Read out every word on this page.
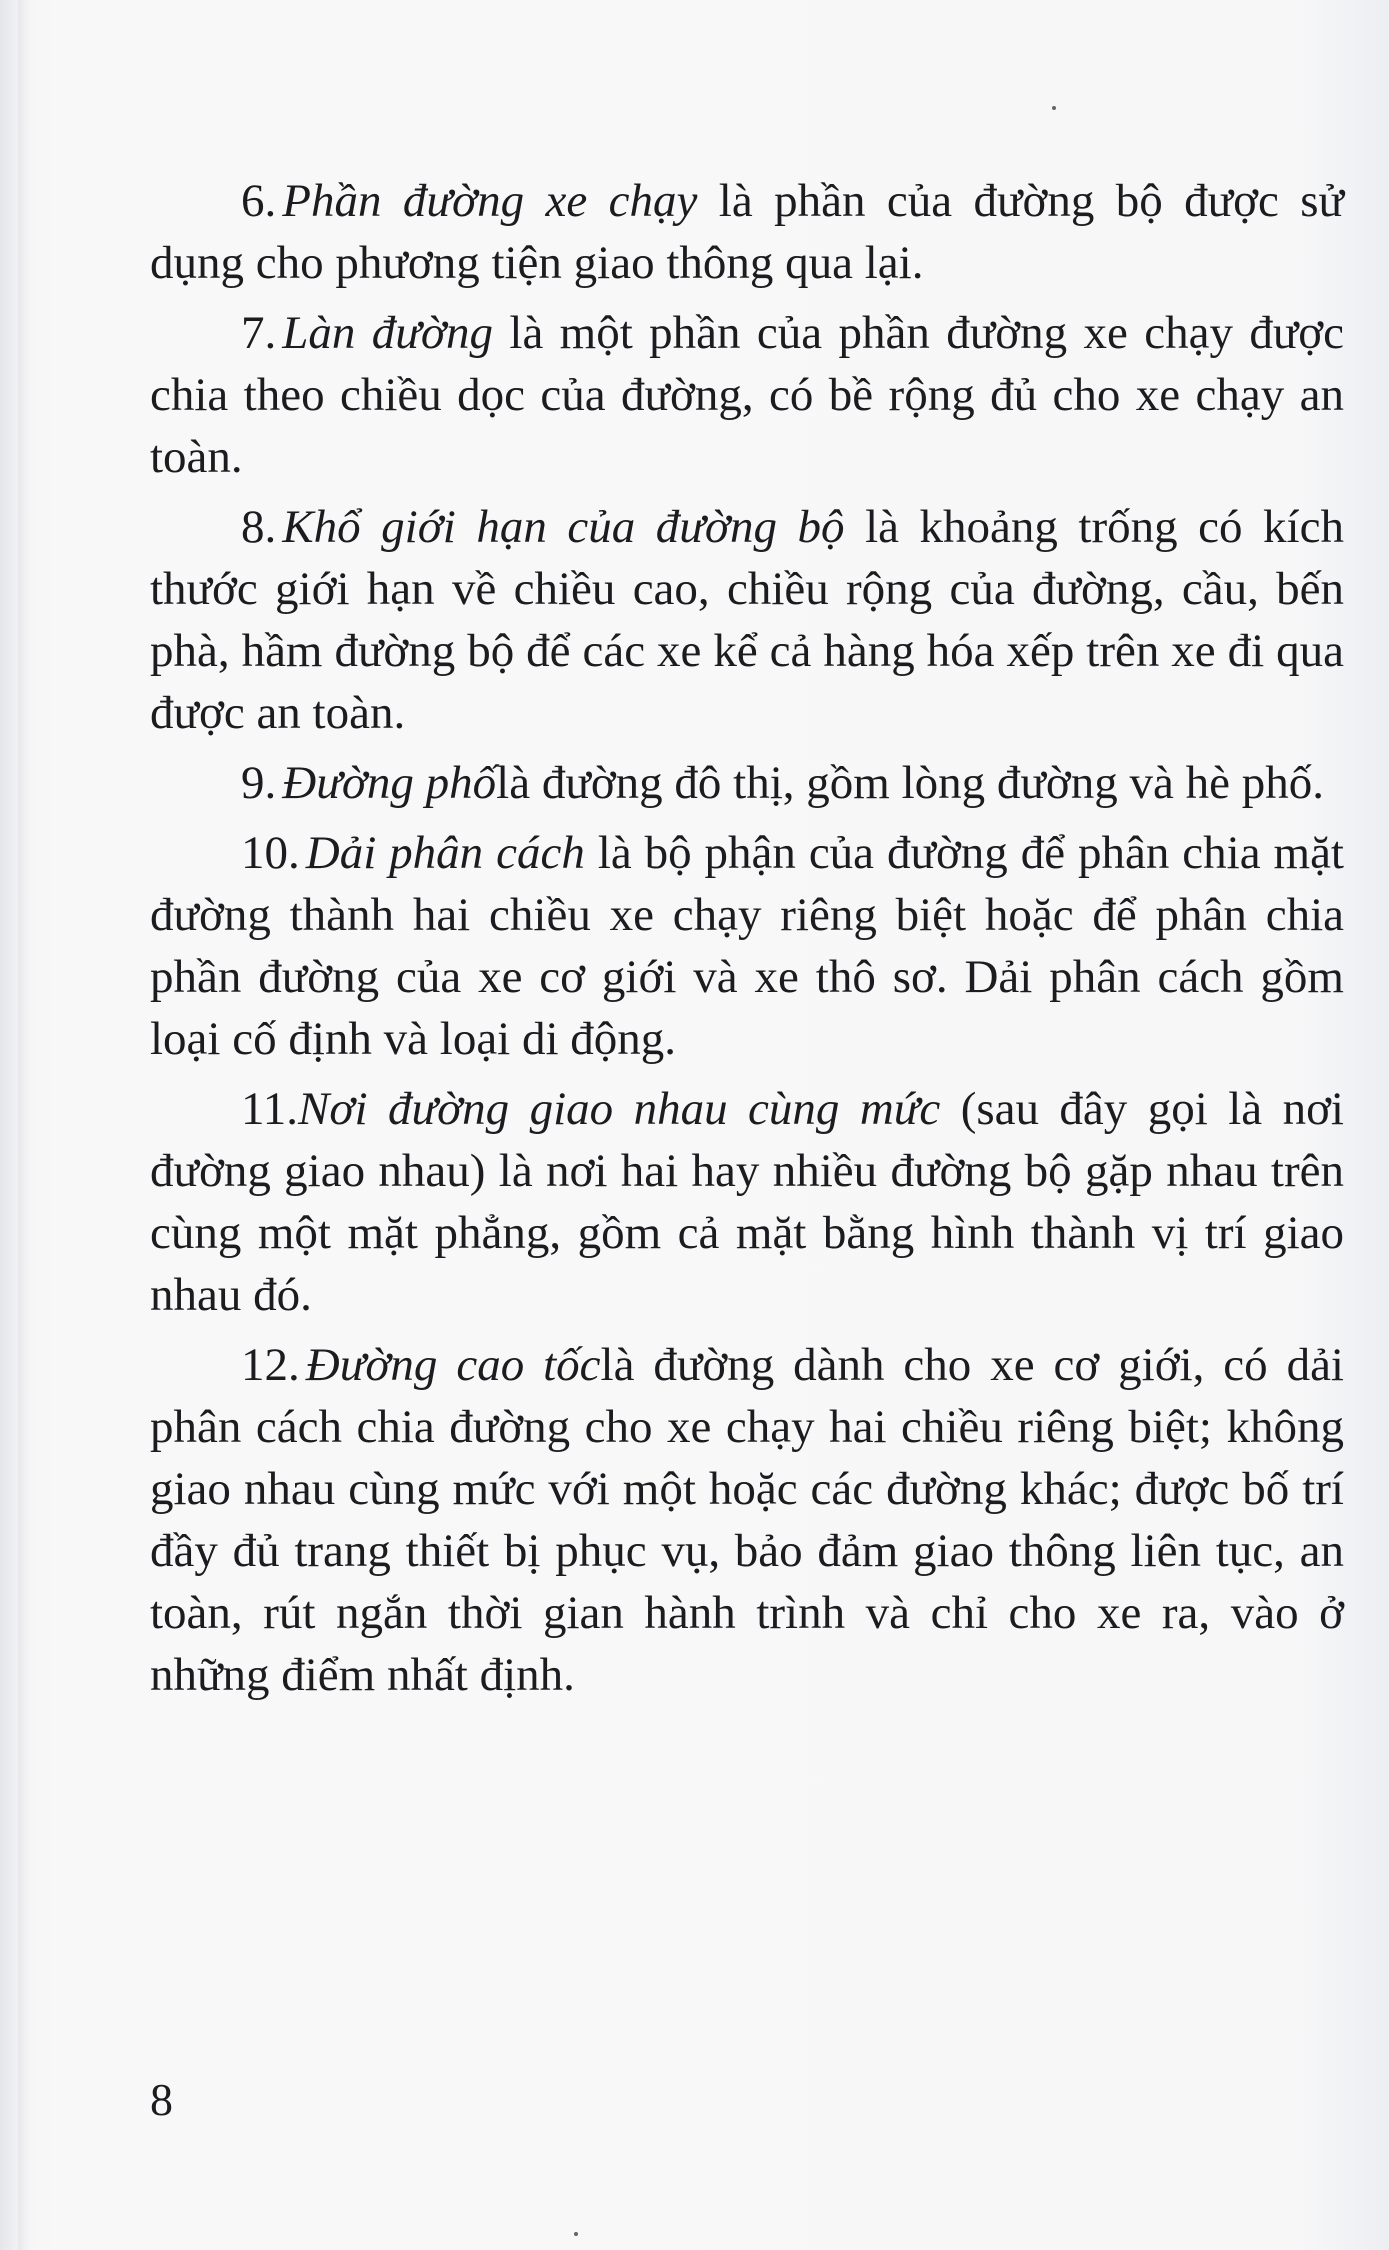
6. Phần đường xe chạy là phần của đường bộ được sử dụng cho phương tiện giao thông qua lại.

7. Làn đường là một phần của phần đường xe chạy được chia theo chiều dọc của đường, có bề rộng đủ cho xe chạy an toàn.

8. Khổ giới hạn của đường bộ là khoảng trống có kích thước giới hạn về chiều cao, chiều rộng của đường, cầu, bến phà, hầm đường bộ để các xe kể cả hàng hóa xếp trên xe đi qua được an toàn.

9. Đường phốlà đường đô thị, gồm lòng đường và hè phố.

10. Dải phân cách là bộ phận của đường để phân chia mặt đường thành hai chiều xe chạy riêng biệt hoặc để phân chia phần đường của xe cơ giới và xe thô sơ. Dải phân cách gồm loại cố định và loại di động.

11.Nơi đường giao nhau cùng mức (sau đây gọi là nơi đường giao nhau) là nơi hai hay nhiều đường bộ gặp nhau trên cùng một mặt phẳng, gồm cả mặt bằng hình thành vị trí giao nhau đó.

12. Đường cao tốclà đường dành cho xe cơ giới, có dải phân cách chia đường cho xe chạy hai chiều riêng biệt; không giao nhau cùng mức với một hoặc các đường khác; được bố trí đầy đủ trang thiết bị phục vụ, bảo đảm giao thông liên tục, an toàn, rút ngắn thời gian hành trình và chỉ cho xe ra, vào ở những điểm nhất định.

8
